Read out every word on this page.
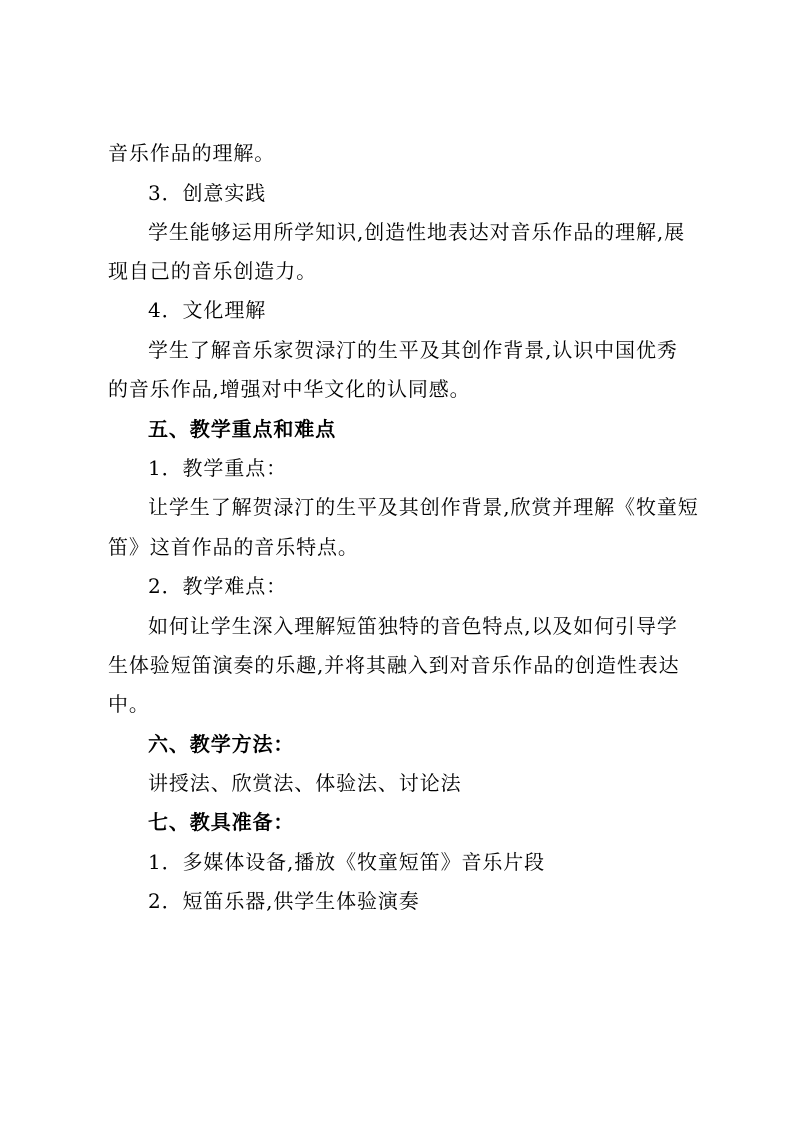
音乐作品的理解。
3．创意实践
学生能够运用所学知识,创造性地表达对音乐作品的理解,展
现自己的音乐创造力。
4．文化理解
学生了解音乐家贺渌汀的生平及其创作背景,认识中国优秀
的音乐作品,增强对中华文化的认同感。
五、教学重点和难点
1．教学重点：
让学生了解贺渌汀的生平及其创作背景,欣赏并理解《牧童短
笛》这首作品的音乐特点。
2．教学难点：
如何让学生深入理解短笛独特的音色特点,以及如何引导学
生体验短笛演奏的乐趣,并将其融入到对音乐作品的创造性表达
中。
六、教学方法：
讲授法、欣赏法、体验法、讨论法
七、教具准备：
1．多媒体设备,播放《牧童短笛》音乐片段
2．短笛乐器,供学生体验演奏
